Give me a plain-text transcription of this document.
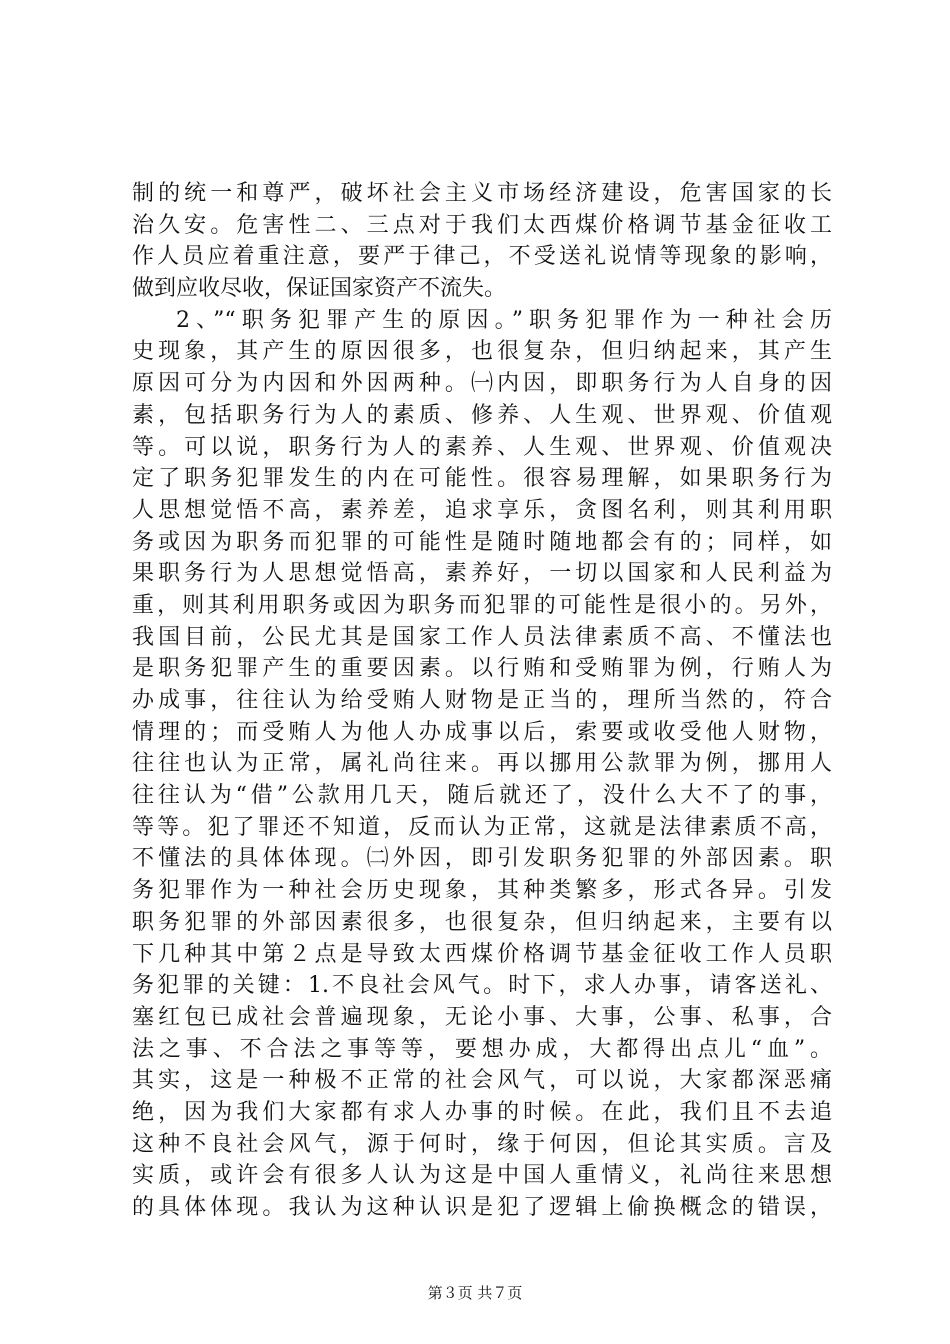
制的统一和尊严，破坏社会主义市场经济建设，危害国家的长
治久安。危害性二、三点对于我们太西煤价格调节基金征收工
作人员应着重注意，要严于律己，不受送礼说情等现象的影响，
做到应收尽收，保证国家资产不流失。
2、”“职务犯罪产生的原因。”职务犯罪作为一种社会历
史现象，其产生的原因很多，也很复杂，但归纳起来，其产生
原因可分为内因和外因两种。㈠内因，即职务行为人自身的因
素，包括职务行为人的素质、修养、人生观、世界观、价值观
等。可以说，职务行为人的素养、人生观、世界观、价值观决
定了职务犯罪发生的内在可能性。很容易理解，如果职务行为
人思想觉悟不高，素养差，追求享乐，贪图名利，则其利用职
务或因为职务而犯罪的可能性是随时随地都会有的；同样，如
果职务行为人思想觉悟高，素养好，一切以国家和人民利益为
重，则其利用职务或因为职务而犯罪的可能性是很小的。另外，
我国目前，公民尤其是国家工作人员法律素质不高、不懂法也
是职务犯罪产生的重要因素。以行贿和受贿罪为例，行贿人为
办成事，往往认为给受贿人财物是正当的，理所当然的，符合
情理的；而受贿人为他人办成事以后，索要或收受他人财物，
往往也认为正常，属礼尚往来。再以挪用公款罪为例，挪用人
往往认为“借”公款用几天，随后就还了，没什么大不了的事，
等等。犯了罪还不知道，反而认为正常，这就是法律素质不高，
不懂法的具体体现。㈡外因，即引发职务犯罪的外部因素。职
务犯罪作为一种社会历史现象，其种类繁多，形式各异。引发
职务犯罪的外部因素很多，也很复杂，但归纳起来，主要有以
下几种其中第２点是导致太西煤价格调节基金征收工作人员职
务犯罪的关键：1.不良社会风气。时下，求人办事，请客送礼、
塞红包已成社会普遍现象，无论小事、大事，公事、私事，合
法之事、不合法之事等等，要想办成，大都得出点儿“血”。
其实，这是一种极不正常的社会风气，可以说，大家都深恶痛
绝，因为我们大家都有求人办事的时候。在此，我们且不去追
这种不良社会风气，源于何时，缘于何因，但论其实质。言及
实质，或许会有很多人认为这是中国人重情义，礼尚往来思想
的具体体现。我认为这种认识是犯了逻辑上偷换概念的错误，
第３页 共７页
